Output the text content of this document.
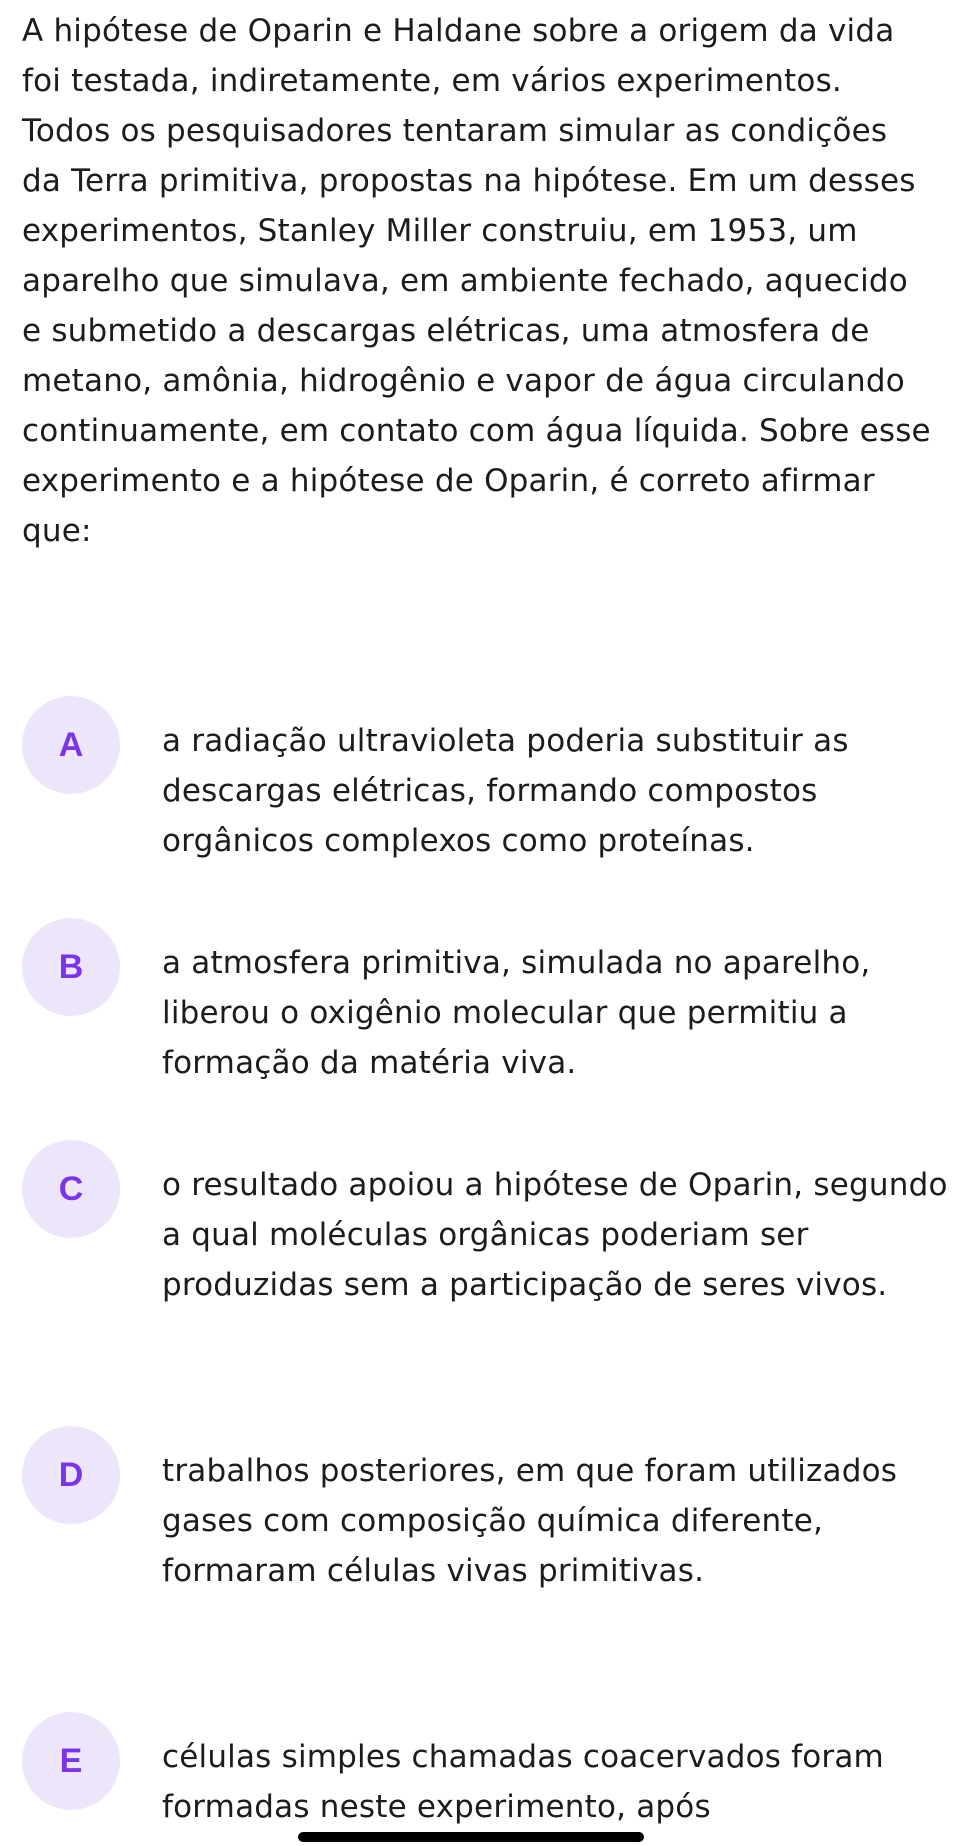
A hipótese de Oparin e Haldane sobre a origem da vida foi testada, indiretamente, em vários experimentos. Todos os pesquisadores tentaram simular as condições da Terra primitiva, propostas na hipótese. Em um desses experimentos, Stanley Miller construiu, em 1953, um aparelho que simulava, em ambiente fechado, aquecido e submetido a descargas elétricas, uma atmosfera de metano, amônia, hidrogênio e vapor de água circulando continuamente, em contato com água líquida. Sobre esse experimento e a hipótese de Oparin, é correto afirmar que:

A	a radiação ultravioleta poderia substituir as descargas elétricas, formando compostos orgânicos complexos como proteínas.

B	a atmosfera primitiva, simulada no aparelho, liberou o oxigênio molecular que permitiu a formação da matéria viva.

C	o resultado apoiou a hipótese de Oparin, segundo a qual moléculas orgânicas poderiam ser produzidas sem a participação de seres vivos.

D	trabalhos posteriores, em que foram utilizados gases com composição química diferente, formaram células vivas primitivas.

E	células simples chamadas coacervados foram formadas neste experimento, após
